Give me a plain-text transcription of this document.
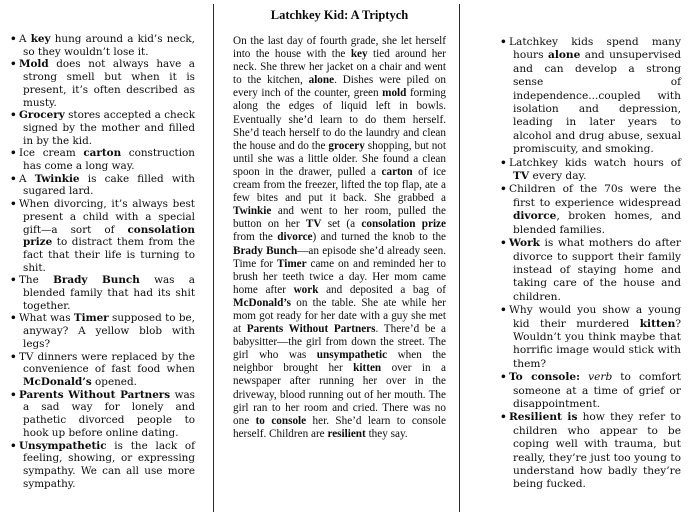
• A key hung around a kid’s neck, so they wouldn’t lose it.
• Mold does not always have a strong smell but when it is present, it’s often described as musty.
• Grocery stores accepted a check signed by the mother and filled in by the kid.
• Ice cream carton construction has come a long way.
• A Twinkie is cake filled with sugared lard.
• When divorcing, it’s always best present a child with a special gift—a sort of consolation prize to distract them from the fact that their life is turning to shit.
• The Brady Bunch was a blended family that had its shit together.
• What was Timer supposed to be, anyway? A yellow blob with legs?
• TV dinners were replaced by the convenience of fast food when McDonald’s opened.
• Parents Without Partners was a sad way for lonely and pathetic divorced people to hook up before online dating.
• Unsympathetic is the lack of feeling, showing, or expressing sympathy. We can all use more sympathy.
Latchkey Kid: A Triptych

On the last day of fourth grade, she let herself into the house with the key tied around her neck. She threw her jacket on a chair and went to the kitchen, alone. Dishes were piled on every inch of the counter, green mold forming along the edges of liquid left in bowls. Eventually she’d learn to do them herself. She’d teach herself to do the laundry and clean the house and do the grocery shopping, but not until she was a little older. She found a clean spoon in the drawer, pulled a carton of ice cream from the freezer, lifted the top flap, ate a few bites and put it back. She grabbed a Twinkie and went to her room, pulled the button on her TV set (a consolation prize from the divorce) and turned the knob to the Brady Bunch—an episode she’d already seen. Time for Timer came on and reminded her to brush her teeth twice a day. Her mom came home after work and deposited a bag of McDonald’s on the table. She ate while her mom got ready for her date with a guy she met at Parents Without Partners. There’d be a babysitter—the girl from down the street. The girl who was unsympathetic when the neighbor brought her kitten over in a newspaper after running her over in the driveway, blood running out of her mouth. The girl ran to her room and cried. There was no one to console her. She’d learn to console herself. Children are resilient they say.

• Latchkey kids spend many hours alone and unsupervised and can develop a strong sense of independence...coupled with isolation and depression, leading in later years to alcohol and drug abuse, sexual promiscuity, and smoking.
• Latchkey kids watch hours of TV every day.
• Children of the 70s were the first to experience widespread divorce, broken homes, and blended families.
• Work is what mothers do after divorce to support their family instead of staying home and taking care of the house and children.
• Why would you show a young kid their murdered kitten? Wouldn’t you think maybe that horrific image would stick with them?
• To console: verb to comfort someone at a time of grief or disappointment.
• Resilient is how they refer to children who appear to be coping well with trauma, but really, they’re just too young to understand how badly they’re being fucked.
